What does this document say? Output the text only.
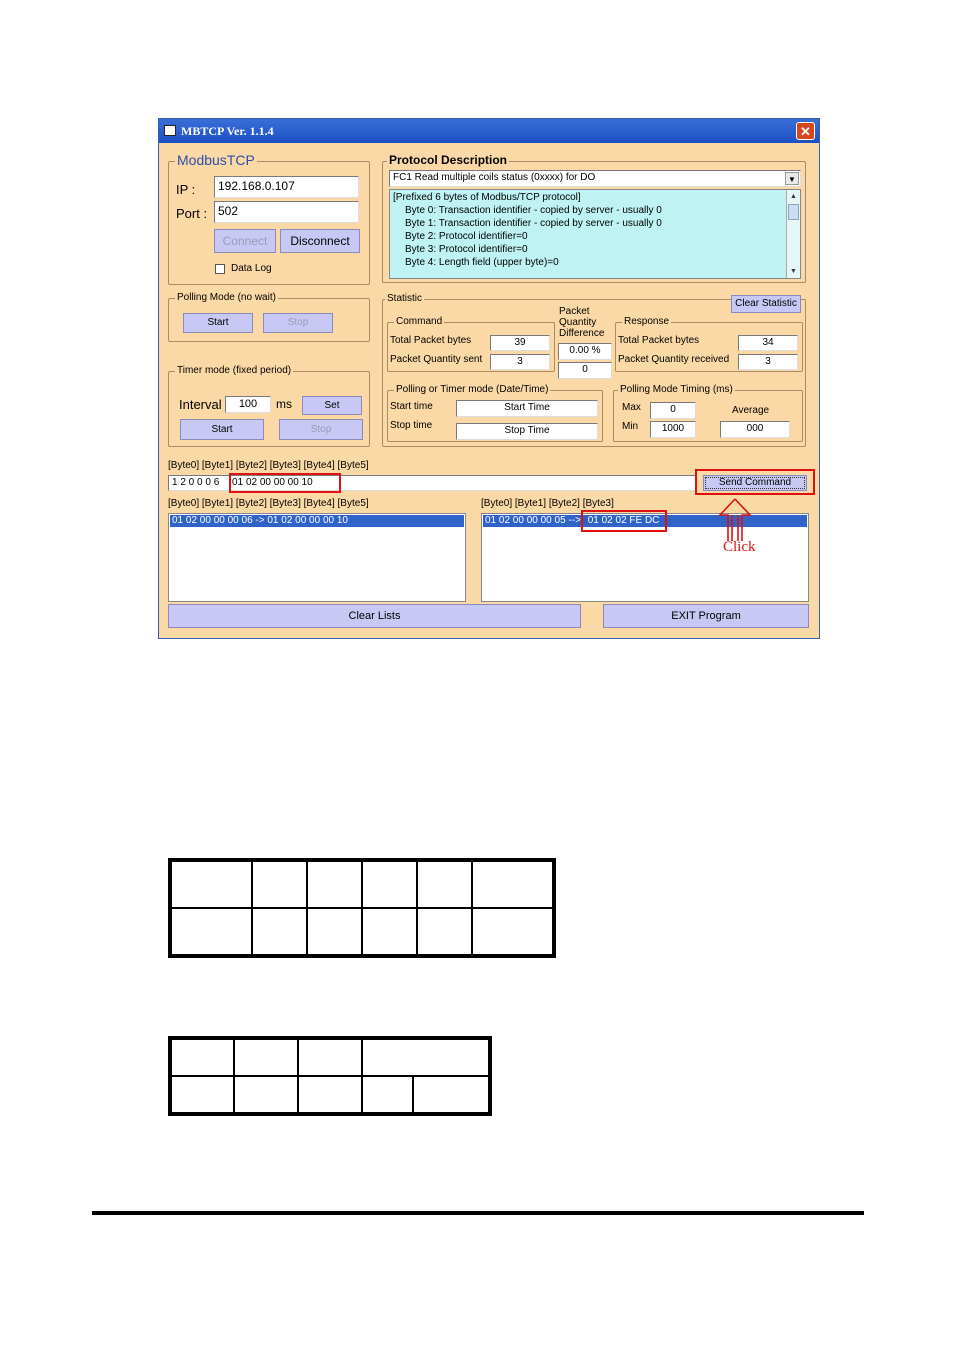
MBTCP Ver. 1.1.4	✕
ModbusTCP
IP :	192.168.0.107
Port : 502
Connect	Disconnect
Data Log
Polling Mode (no wait)
Start	Stop
Timer mode (fixed period)
Interval	100	ms	Set
Start	Stop
Protocol Description
FC1 Read multiple coils status (0xxxx) for DO	▼
[Prefixed 6 bytes of Modbus/TCP protocol]
Byte 0: Transaction identifier - copied by server - usually 0
Byte 1: Transaction identifier - copied by server - usually 0
Byte 2: Protocol identifier=0
Byte 3: Protocol identifier=0
Byte 4: Length field (upper byte)=0
▲
▼
Statistic	Clear Statistic
Command
Total Packet bytes	39
Packet Quantity sent	3
Packet
Quantity
Difference
0.00 %
0
Response
Total Packet bytes	34
Packet Quantity received	3
Polling or Timer mode (Date/Time)
Start time	Start Time
Stop time	Stop Time
Polling Mode Timing (ms)
Max	0
Min	1000
Average
000
[Byte0] [Byte1] [Byte2] [Byte3] [Byte4] [Byte5]
1 2 0 0 0 6 01 02 00 00 00 10	Send Command
[Byte0] [Byte1] [Byte2] [Byte3] [Byte4] [Byte5]
01 02 00 00 00 06 -> 01 02 00 00 00 10
[Byte0] [Byte1] [Byte2] [Byte3]
01 02 00 00 00 05 --> 01 02 02 FE DC
Click
Clear Lists	EXIT Program
